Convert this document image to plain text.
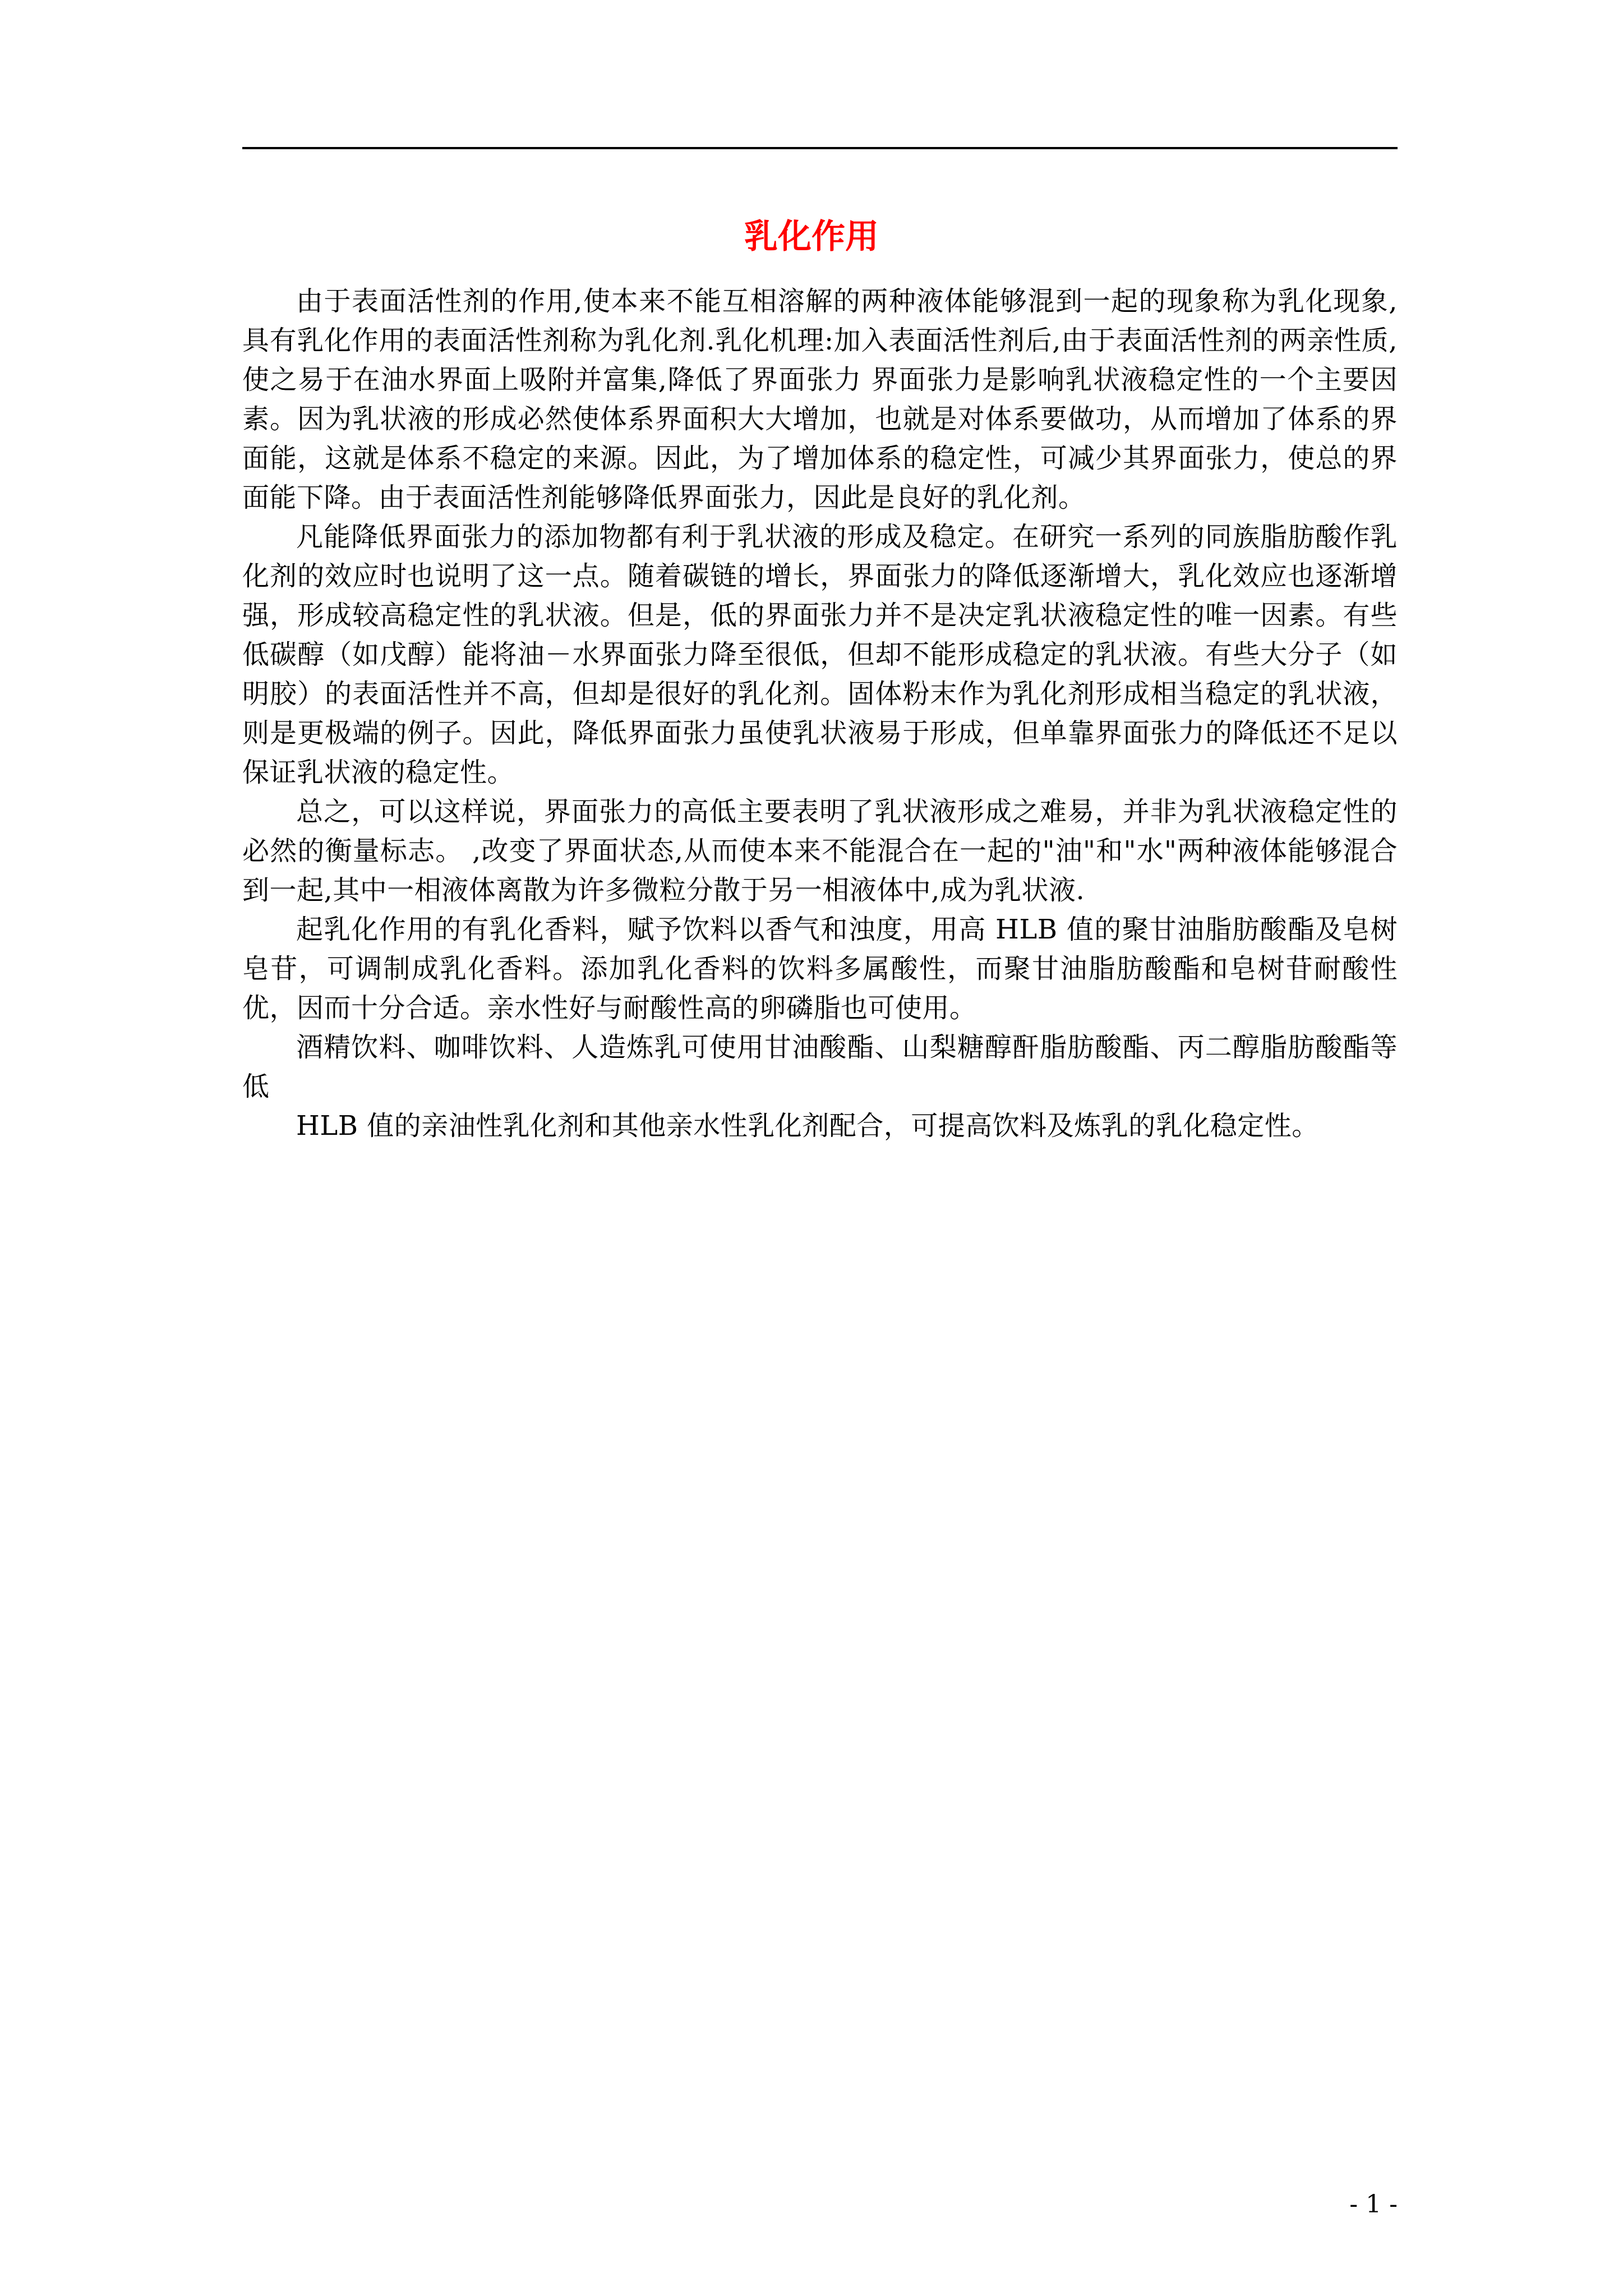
乳化作用

由于表面活性剂的作用,使本来不能互相溶解的两种液体能够混到一起的现象称为乳化现象,具有乳化作用的表面活性剂称为乳化剂.乳化机理:加入表面活性剂后,由于表面活性剂的两亲性质,使之易于在油水界面上吸附并富集,降低了界面张力 界面张力是影响乳状液稳定性的一个主要因素。因为乳状液的形成必然使体系界面积大大增加，也就是对体系要做功，从而增加了体系的界面能，这就是体系不稳定的来源。因此，为了增加体系的稳定性，可减少其界面张力，使总的界面能下降。由于表面活性剂能够降低界面张力，因此是良好的乳化剂。

凡能降低界面张力的添加物都有利于乳状液的形成及稳定。在研究一系列的同族脂肪酸作乳化剂的效应时也说明了这一点。随着碳链的增长，界面张力的降低逐渐增大，乳化效应也逐渐增强，形成较高稳定性的乳状液。但是，低的界面张力并不是决定乳状液稳定性的唯一因素。有些低碳醇（如戊醇）能将油－水界面张力降至很低，但却不能形成稳定的乳状液。有些大分子（如明胶）的表面活性并不高，但却是很好的乳化剂。固体粉末作为乳化剂形成相当稳定的乳状液，则是更极端的例子。因此，降低界面张力虽使乳状液易于形成，但单靠界面张力的降低还不足以保证乳状液的稳定性。

总之，可以这样说，界面张力的高低主要表明了乳状液形成之难易，并非为乳状液稳定性的必然的衡量标志。 ,改变了界面状态,从而使本来不能混合在一起的"油"和"水"两种液体能够混合到一起,其中一相液体离散为许多微粒分散于另一相液体中,成为乳状液.

起乳化作用的有乳化香料，赋予饮料以香气和浊度，用高 HLB 值的聚甘油脂肪酸酯及皂树皂苷，可调制成乳化香料。添加乳化香料的饮料多属酸性，而聚甘油脂肪酸酯和皂树苷耐酸性优，因而十分合适。亲水性好与耐酸性高的卵磷脂也可使用。

酒精饮料、咖啡饮料、人造炼乳可使用甘油酸酯、山梨糖醇酐脂肪酸酯、丙二醇脂肪酸酯等低

HLB 值的亲油性乳化剂和其他亲水性乳化剂配合，可提高饮料及炼乳的乳化稳定性。

- 1 -
